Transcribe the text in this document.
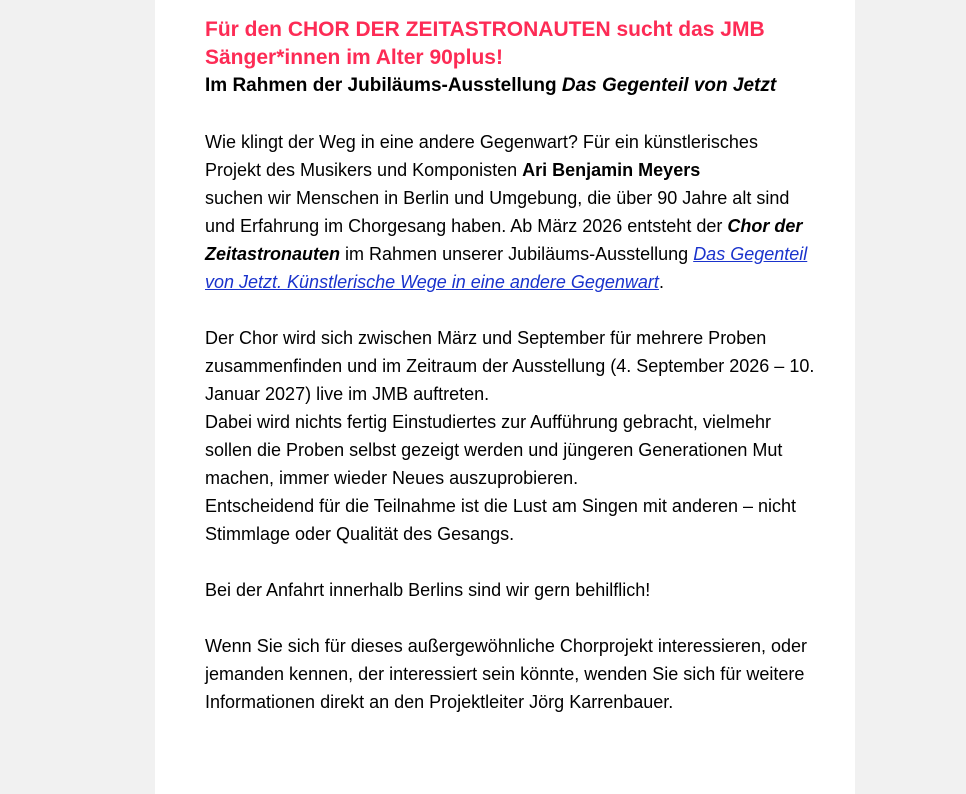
Für den CHOR DER ZEITASTRONAUTEN sucht das JMB
Sänger*innen im Alter 90plus!
Im Rahmen der Jubiläums-Ausstellung Das Gegenteil von Jetzt

Wie klingt der Weg in eine andere Gegenwart? Für ein künstlerisches Projekt des Musikers und Komponisten Ari Benjamin Meyers
suchen wir Menschen in Berlin und Umgebung, die über 90 Jahre alt sind und Erfahrung im Chorgesang haben. Ab März 2026 entsteht der Chor der Zeitastronauten im Rahmen unserer Jubiläums-Ausstellung Das Gegenteil von Jetzt. Künstlerische Wege in eine andere Gegenwart.

Der Chor wird sich zwischen März und September für mehrere Proben zusammenfinden und im Zeitraum der Ausstellung (4. September 2026 – 10. Januar 2027) live im JMB auftreten.
Dabei wird nichts fertig Einstudiertes zur Aufführung gebracht, vielmehr sollen die Proben selbst gezeigt werden und jüngeren Generationen Mut machen, immer wieder Neues auszuprobieren.
Entscheidend für die Teilnahme ist die Lust am Singen mit anderen – nicht Stimmlage oder Qualität des Gesangs.

Bei der Anfahrt innerhalb Berlins sind wir gern behilflich!

Wenn Sie sich für dieses außergewöhnliche Chorprojekt interessieren, oder jemanden kennen, der interessiert sein könnte, wenden Sie sich für weitere Informationen direkt an den Projektleiter Jörg Karrenbauer.
